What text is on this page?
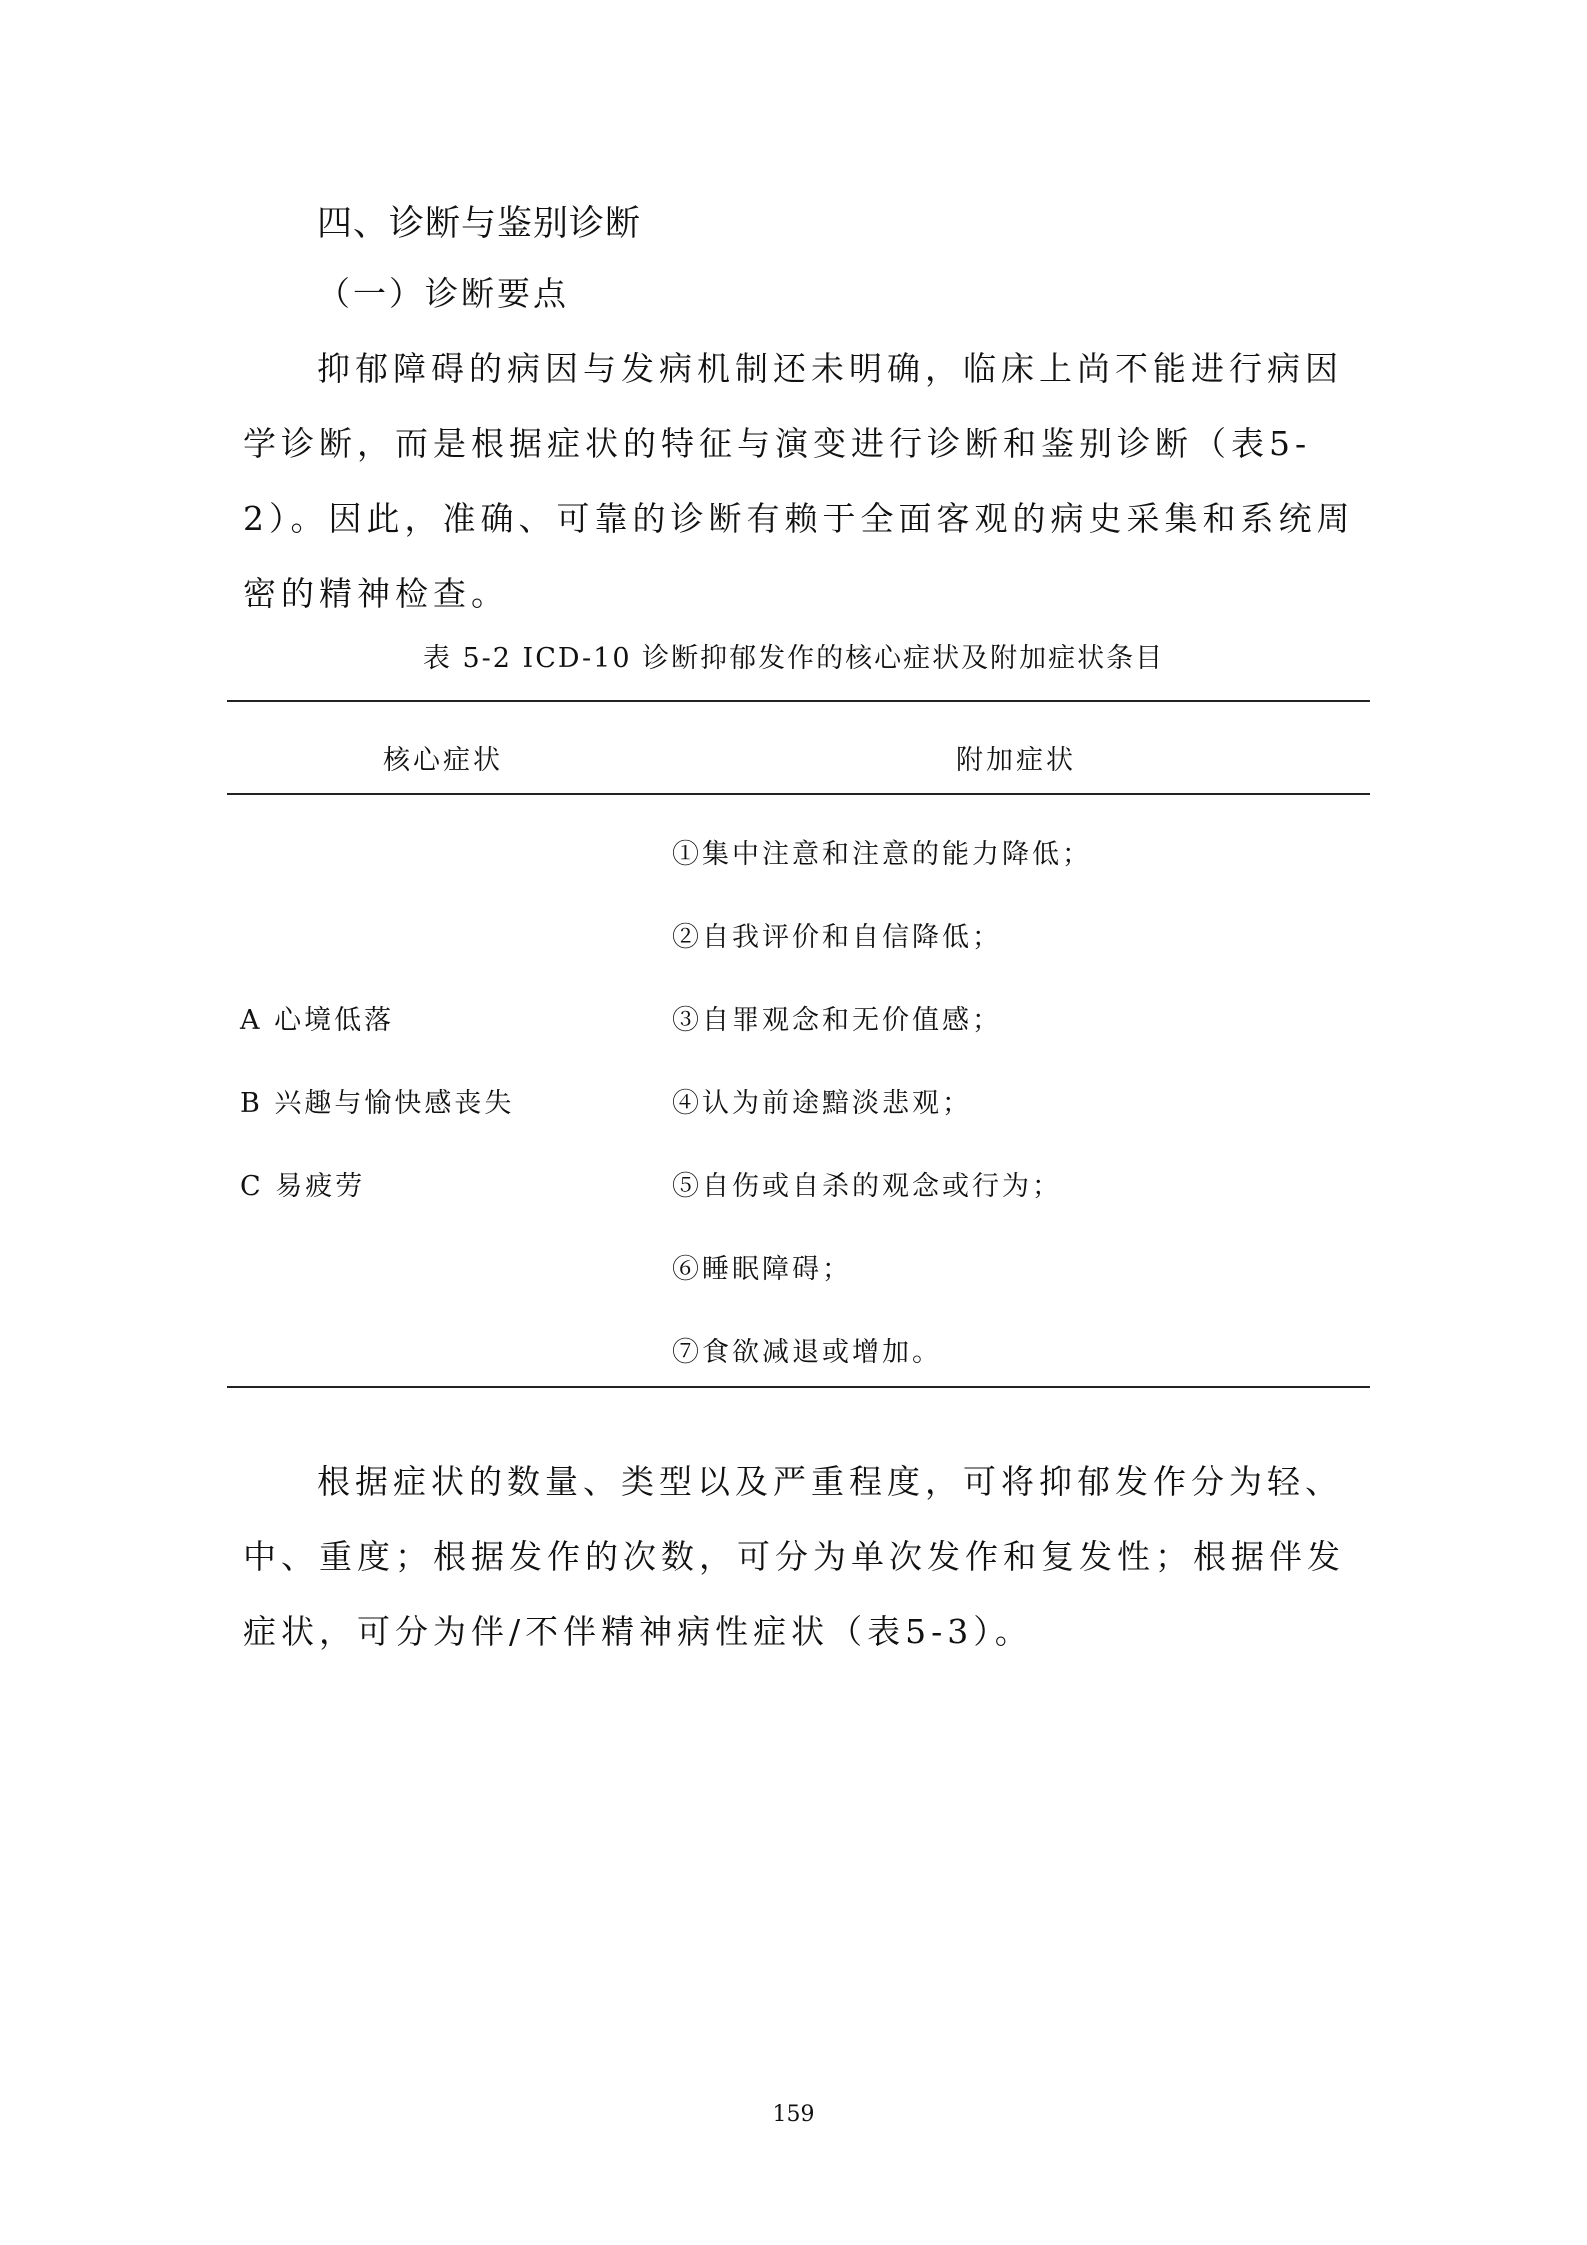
四、诊断与鉴别诊断
（一）诊断要点

抑郁障碍的病因与发病机制还未明确，临床上尚不能进行病因学诊断，而是根据症状的特征与演变进行诊断和鉴别诊断（表5-2）。因此，准确、可靠的诊断有赖于全面客观的病史采集和系统周密的精神检查。

表 5-2 ICD-10 诊断抑郁发作的核心症状及附加症状条目
核心症状	附加症状
A 心境低落
B 兴趣与愉快感丧失
C 易疲劳
①集中注意和注意的能力降低；
②自我评价和自信降低；
③自罪观念和无价值感；
④认为前途黯淡悲观；
⑤自伤或自杀的观念或行为；
⑥睡眠障碍；
⑦食欲减退或增加。

根据症状的数量、类型以及严重程度，可将抑郁发作分为轻、中、重度；根据发作的次数，可分为单次发作和复发性；根据伴发症状，可分为伴/不伴精神病性症状（表5-3）。

159
